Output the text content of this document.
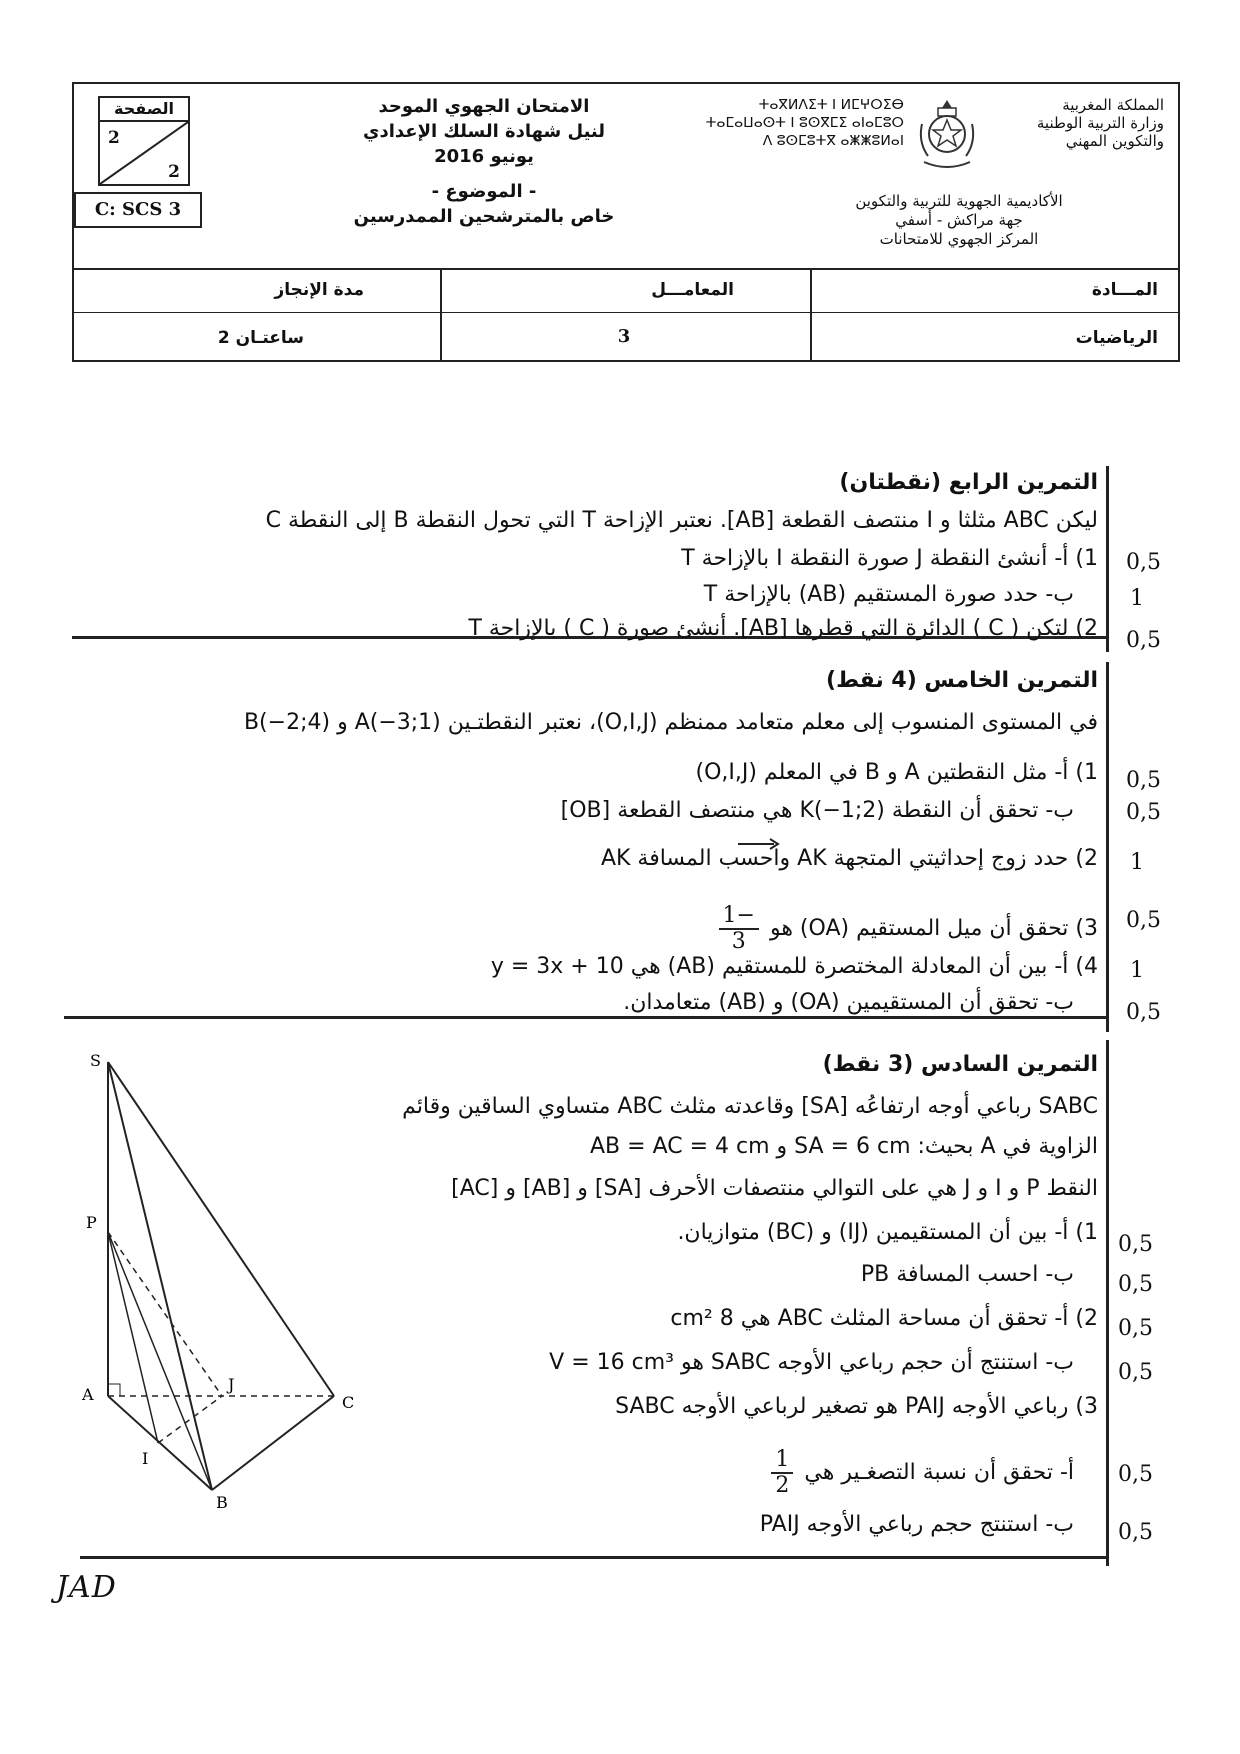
المملكة المغربية
وزارة التربية الوطنية
والتكوين المهني
ⵜⴰⴳⵍⴷⵉⵜ ⵏ ⵍⵎⵖⵔⵉⴱ
ⵜⴰⵎⴰⵡⴰⵙⵜ ⵏ ⵓⵙⴳⵎⵉ ⴰⵏⴰⵎⵓⵔ
ⴷ ⵓⵙⵎⵓⵜⴳ ⴰⵥⵥⵓⵍⴰⵏ
الأكاديمية الجهوية للتربية والتكوين
جهة مراكش - أسفي
المركز الجهوي للامتحانات
الامتحان الجهوي الموحد
لنيل شهادة السلك الإعدادي
يونيو 2016
- الموضوع -
خاص بالمترشحين الممدرسين
الصفحة
2
2
C: SCS 3
المـــادة
المعامـــل
مدة الإنجاز
الرياضيات
3
ساعتـان 2
التمرين الرابع (نقطتان)
ليكن ABC مثلثا و I منتصف القطعة [AB]. نعتبر الإزاحة T التي تحول النقطة B إلى النقطة C
1) أ- أنشئ النقطة J صورة النقطة I بالإزاحة T
ب- حدد صورة المستقيم (AB) بالإزاحة T
2) لتكن ( C ) الدائرة التي قطرها [AB]. أنشئ صورة ( C ) بالإزاحة T
0,5
1
0,5
التمرين الخامس (4 نقط)
في المستوى المنسوب إلى معلم متعامد ممنظم (O,I,J)، نعتبر النقطتـين A(−3;1) و B(−2;4)
1) أ- مثل النقطتين A و B في المعلم (O,I,J)
ب- تحقق أن النقطة K(−1;2) هي منتصف القطعة [OB]
2) حدد زوج إحداثيتي المتجهة AK واحسب المسافة AK
3) تحقق أن ميل المستقيم (OA) هو
$\frac{-1}{3}$
4) أ- بين أن المعادلة المختصرة للمستقيم (AB) هي y = 3x + 10
ب- تحقق أن المستقيمين (OA) و (AB) متعامدان.
0,5
0,5
1
0,5
1
0,5
التمرين السادس (3 نقط)
SABC رباعي أوجه ارتفاعُه [SA] وقاعدته مثلث ABC متساوي الساقين وقائم
الزاوية في A بحيث: SA = 6 cm و AB = AC = 4 cm
النقط P و I و J هي على التوالي منتصفات الأحرف [SA] و [AB] و [AC]
1) أ- بين أن المستقيمين (IJ) و (BC) متوازيان.
ب- احسب المسافة PB
2) أ- تحقق أن مساحة المثلث ABC هي 8 cm²
ب- استنتج أن حجم رباعي الأوجه SABC هو V = 16 cm³
3) رباعي الأوجه PAIJ هو تصغير لرباعي الأوجه SABC
أ- تحقق أن نسبة التصغـير هي
$\frac{1}{2}$
ب- استنتج حجم رباعي الأوجه PAIJ
0,5
0,5
0,5
0,5
0,5
0,5
S
P
A
J
C
I
B
JAD
